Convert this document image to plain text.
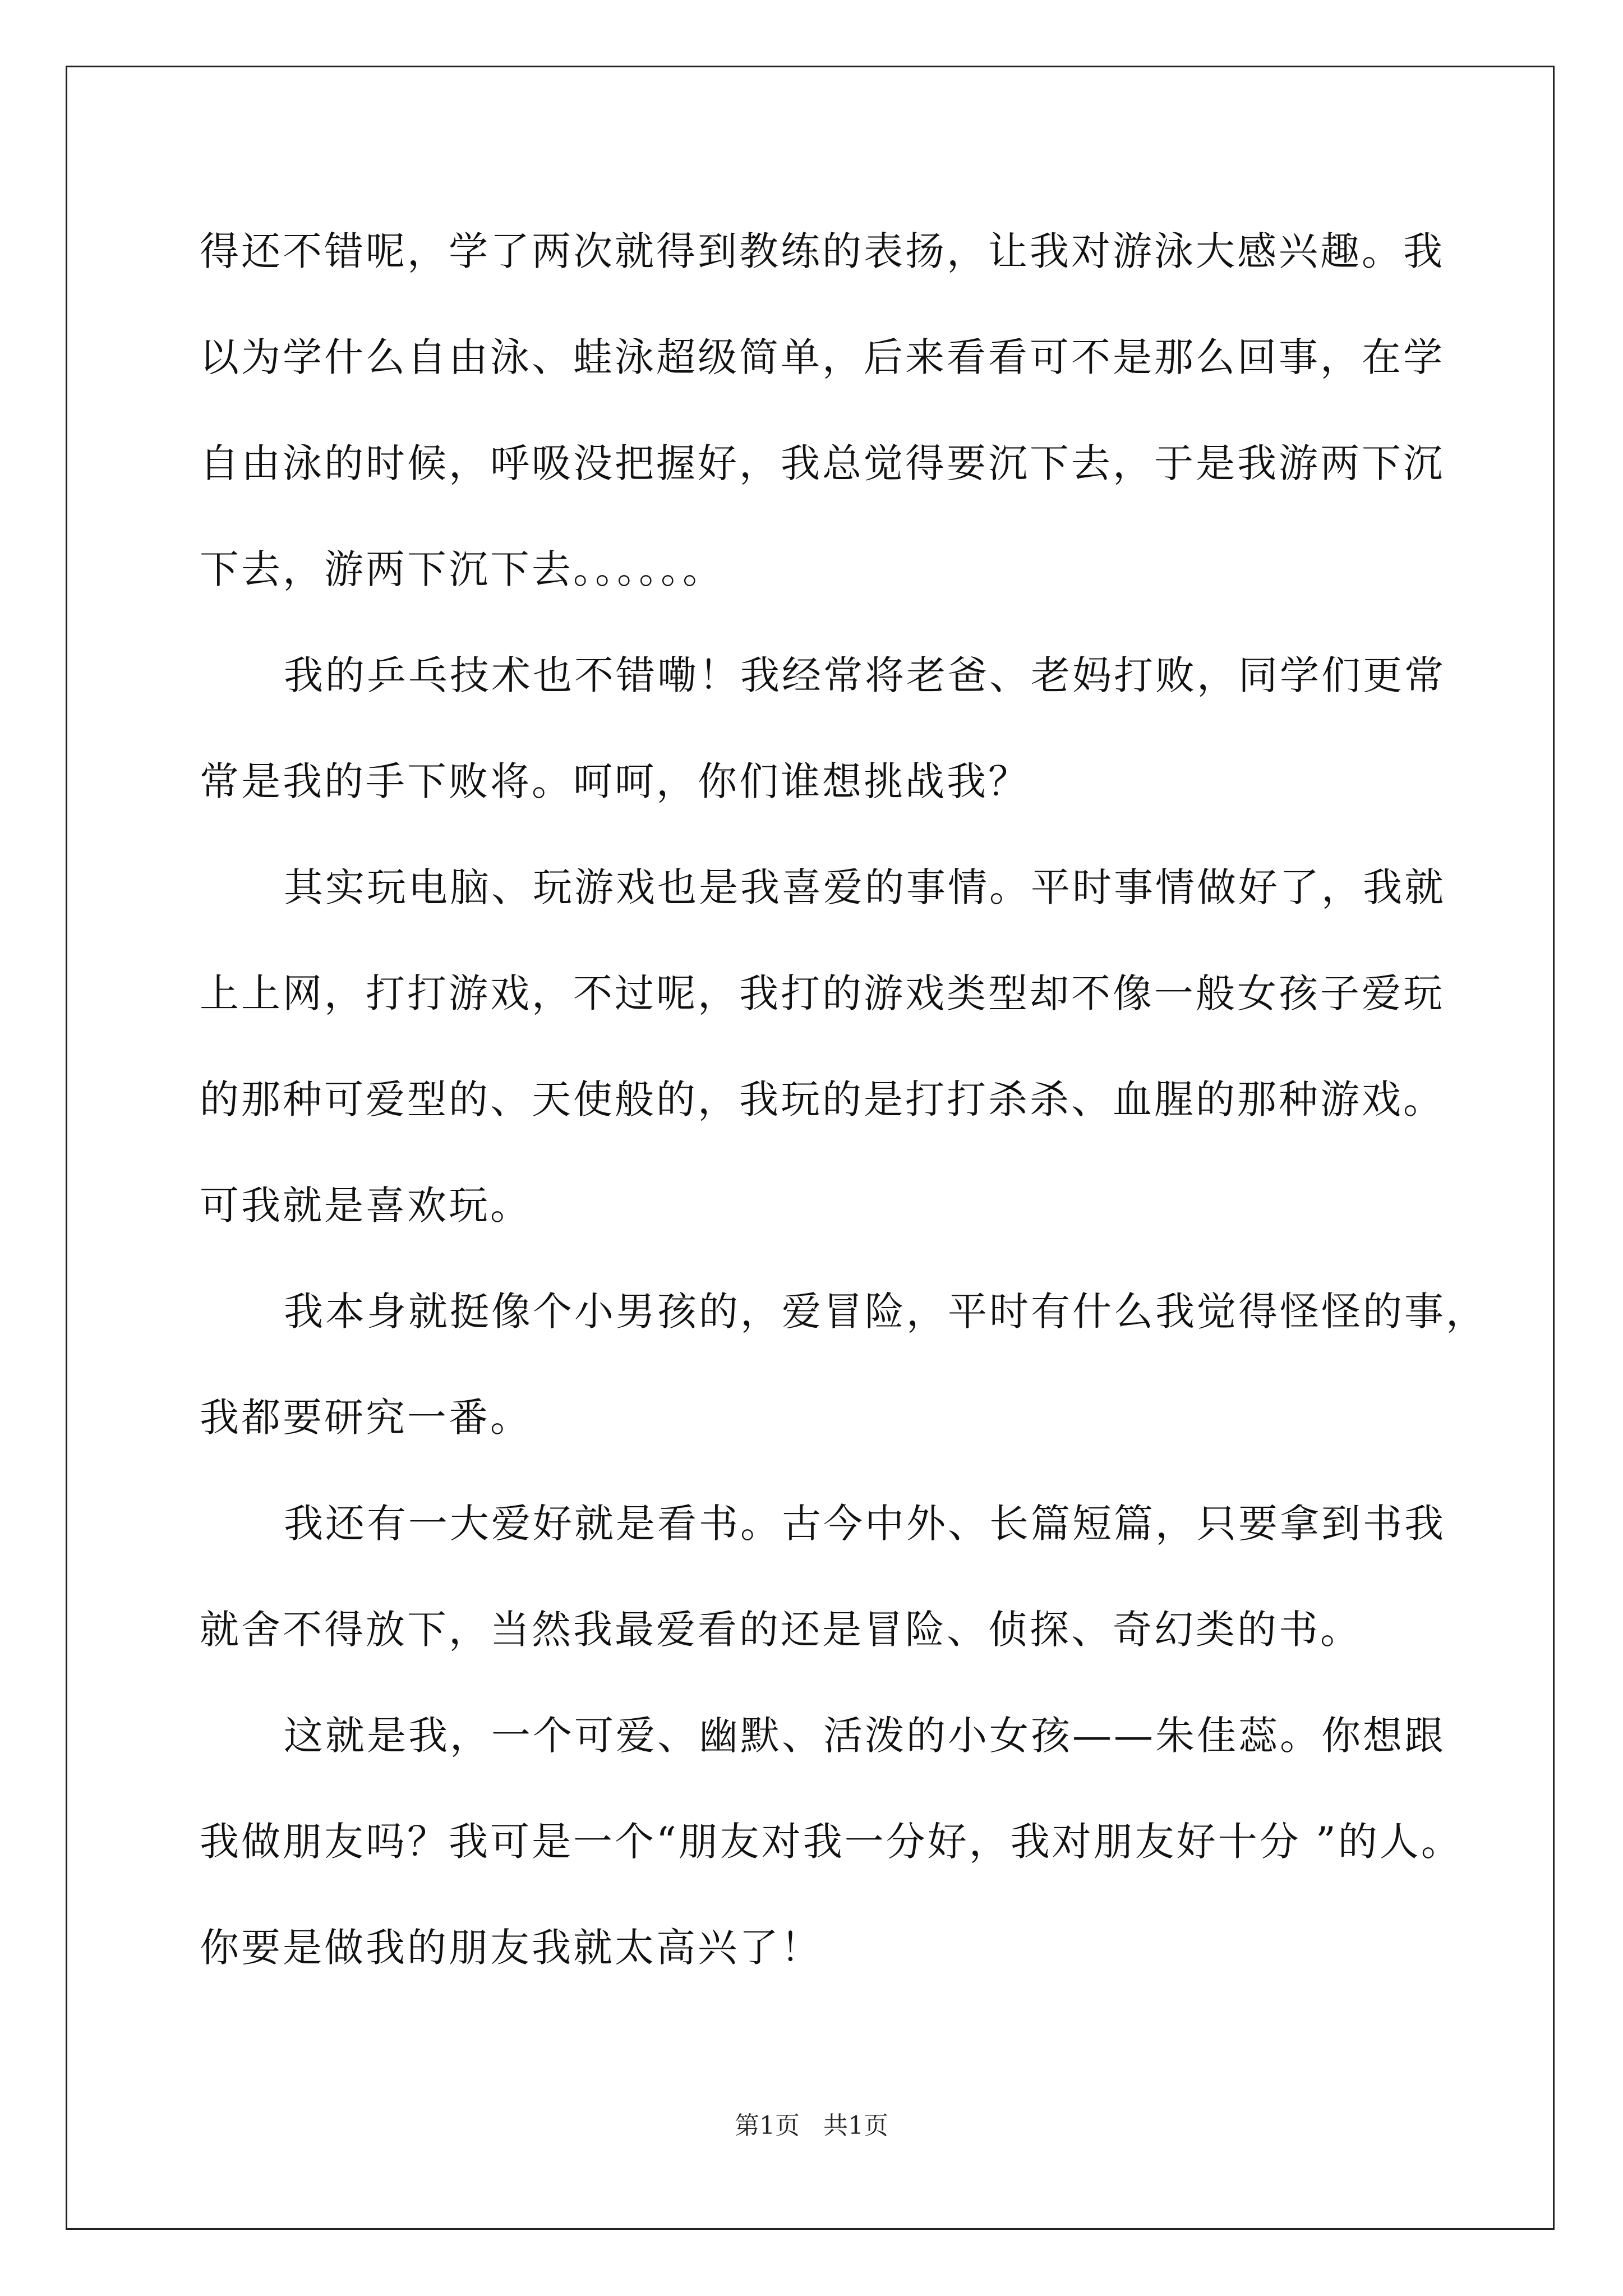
得还不错呢，学了两次就得到教练的表扬，让我对游泳大感兴趣。我
以为学什么自由泳、蛙泳超级简单，后来看看可不是那么回事，在学
自由泳的时候，呼吸没把握好，我总觉得要沉下去，于是我游两下沉
下去，游两下沉下去。。。。。。
我的乒乓技术也不错嘞！我经常将老爸、老妈打败，同学们更常
常是我的手下败将。呵呵，你们谁想挑战我？
其实玩电脑、玩游戏也是我喜爱的事情。平时事情做好了，我就
上上网，打打游戏，不过呢，我打的游戏类型却不像一般女孩子爱玩
的那种可爱型的、天使般的，我玩的是打打杀杀、血腥的那种游戏。
可我就是喜欢玩。
我本身就挺像个小男孩的，爱冒险，平时有什么我觉得怪怪的事，
我都要研究一番。
我还有一大爱好就是看书。古今中外、长篇短篇，只要拿到书我
就舍不得放下，当然我最爱看的还是冒险、侦探、奇幻类的书。
这就是我，一个可爱、幽默、活泼的小女孩——朱佳蕊。你想跟
我做朋友吗？我可是一个“朋友对我一分好，我对朋友好十分 ”的人。
你要是做我的朋友我就太高兴了！
第1页   共1页
